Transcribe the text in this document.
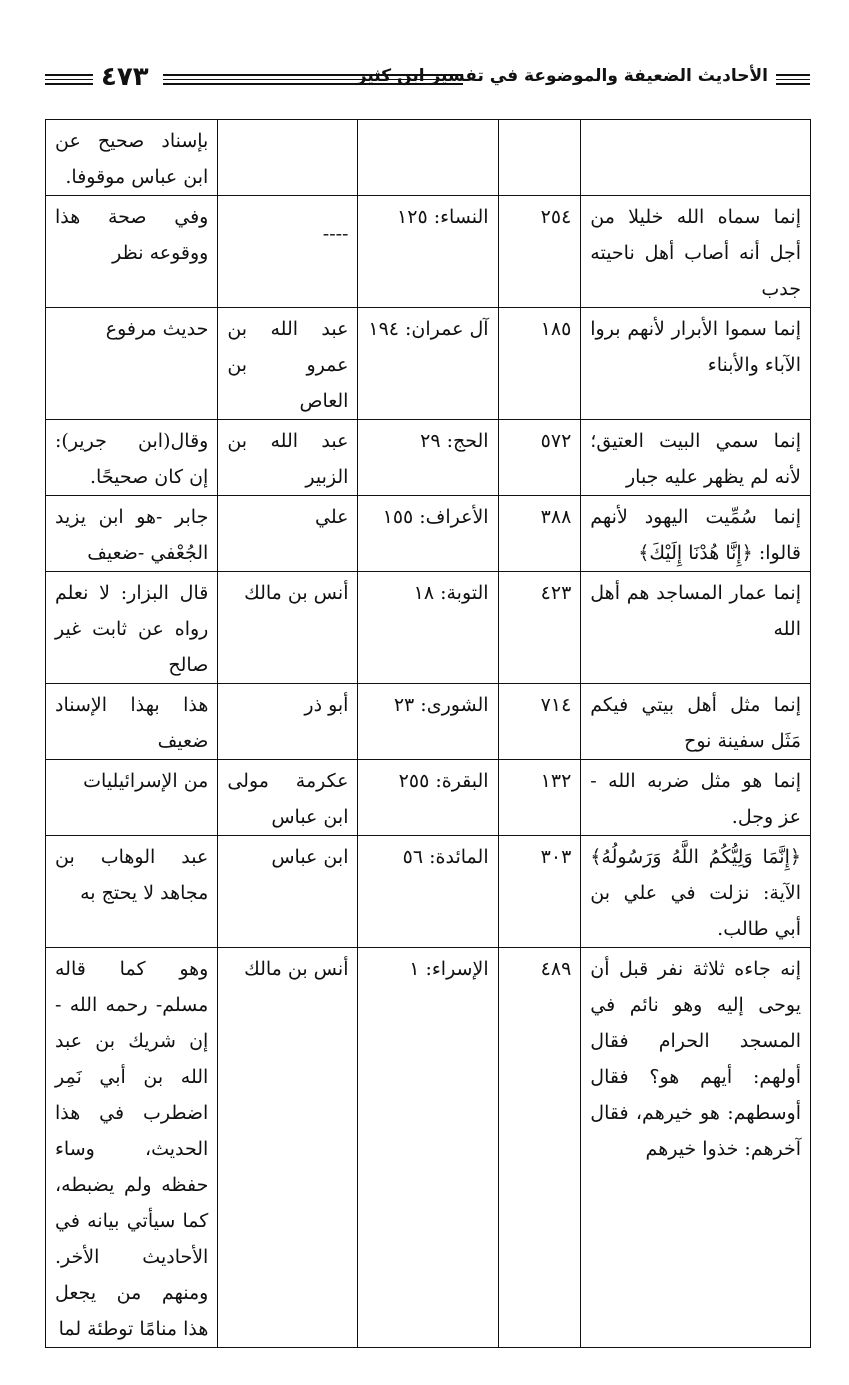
الأحاديث الضعيفة والموضوعة في تفسير ابن كثير
٤٧٣
				بإسناد صحيح عن ابن عباس موقوفا.
إنما سماه الله خليلا من أجل أنه أصاب أهل ناحيته جدب	٢٥٤	النساء: ١٢٥	----	وفي صحة هذا ووقوعه نظر
إنما سموا الأبرار لأنهم بروا الآباء والأبناء	١٨٥	آل عمران: ١٩٤	عبد الله بن عمرو بن العاص	حديث مرفوع
إنما سمي البيت العتيق؛ لأنه لم يظهر عليه جبار	٥٧٢	الحج: ٢٩	عبد الله بن الزبير	وقال(ابن جرير): إن كان صحيحًا.
إنما سُمِّيت اليهود لأنهم قالوا: ﴿إِنَّا هُدْنَا إِلَيْكَ﴾	٣٨٨	الأعراف: ١٥٥	علي	جابر -هو ابن يزيد الجُعْفي -ضعيف
إنما عمار المساجد هم أهل الله	٤٢٣	التوبة: ١٨	أنس بن مالك	قال البزار: لا نعلم رواه عن ثابت غير صالح
إنما مثل أهل بيتي فيكم مَثَل سفينة نوح	٧١٤	الشورى: ٢٣	أبو ذر	هذا بهذا الإسناد ضعيف
إنما هو مثل ضربه الله - عز وجل.	١٣٢	البقرة: ٢٥٥	عكرمة مولى ابن عباس	من الإسرائيليات
﴿إِنَّمَا وَلِيُّكُمُ اللَّهُ وَرَسُولُهُ﴾ الآية: نزلت في علي بن أبي طالب.	٣٠٣	المائدة: ٥٦	ابن عباس	عبد الوهاب بن مجاهد لا يحتج به
إنه جاءه ثلاثة نفر قبل أن يوحى إليه وهو نائم في المسجد الحرام فقال أولهم: أيهم هو؟ فقال أوسطهم: هو خيرهم، فقال آخرهم: خذوا خيرهم	٤٨٩	الإسراء: ١	أنس بن مالك	وهو كما قاله مسلم- رحمه الله - إن شريك بن عبد الله بن أبي نَمِر اضطرب في هذا الحديث، وساء حفظه ولم يضبطه، كما سيأتي بيانه في الأحاديث الأخر. ومنهم من يجعل هذا منامًا توطئة لما
